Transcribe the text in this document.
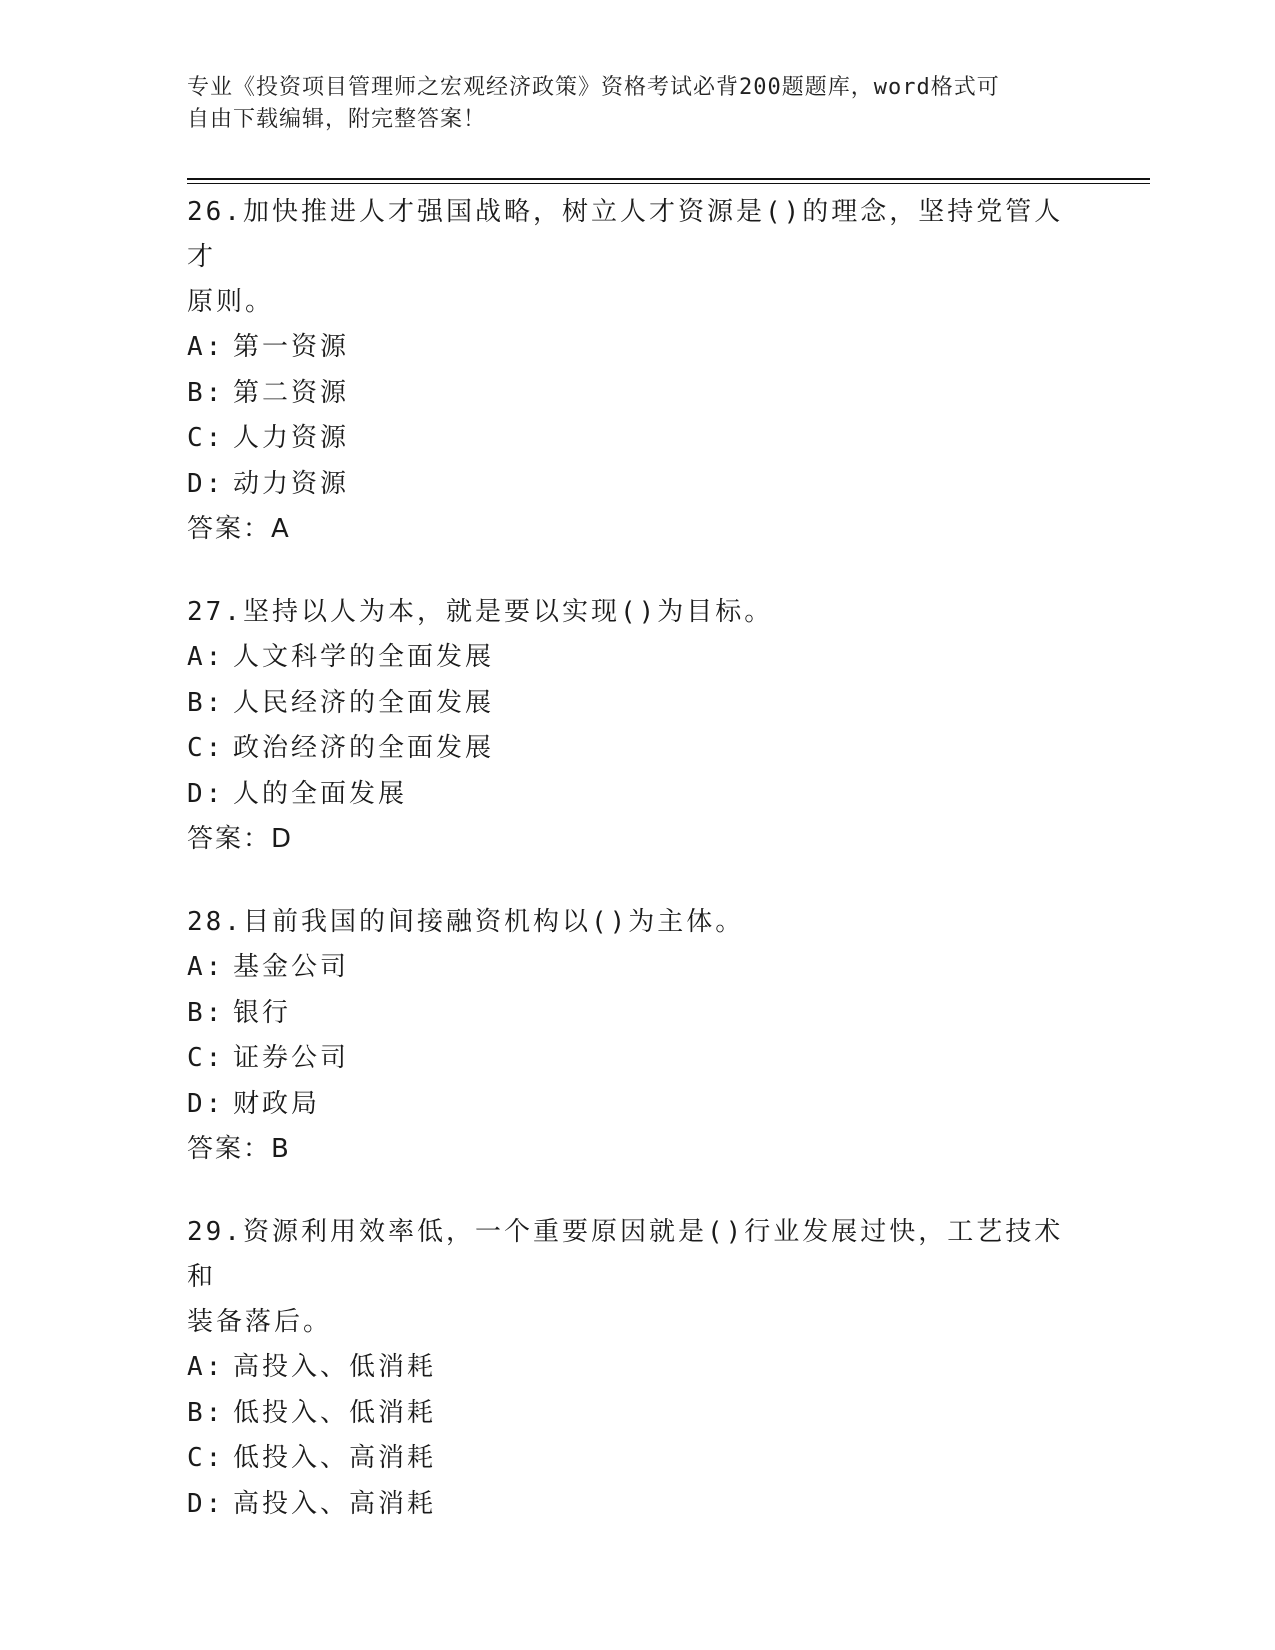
专业《投资项目管理师之宏观经济政策》资格考试必背200题题库，word格式可
自由下载编辑，附完整答案！

26.加快推进人才强国战略，树立人才资源是()的理念，坚持党管人才
原则。

A: 第一资源

B: 第二资源

C: 人力资源

D: 动力资源

答案：A

27.坚持以人为本，就是要以实现()为目标。

A: 人文科学的全面发展

B: 人民经济的全面发展

C: 政治经济的全面发展

D: 人的全面发展

答案：D

28.目前我国的间接融资机构以()为主体。

A: 基金公司

B: 银行

C: 证券公司

D: 财政局

答案：B

29.资源利用效率低，一个重要原因就是()行业发展过快，工艺技术和
装备落后。

A: 高投入、低消耗

B: 低投入、低消耗

C: 低投入、高消耗

D: 高投入、高消耗
